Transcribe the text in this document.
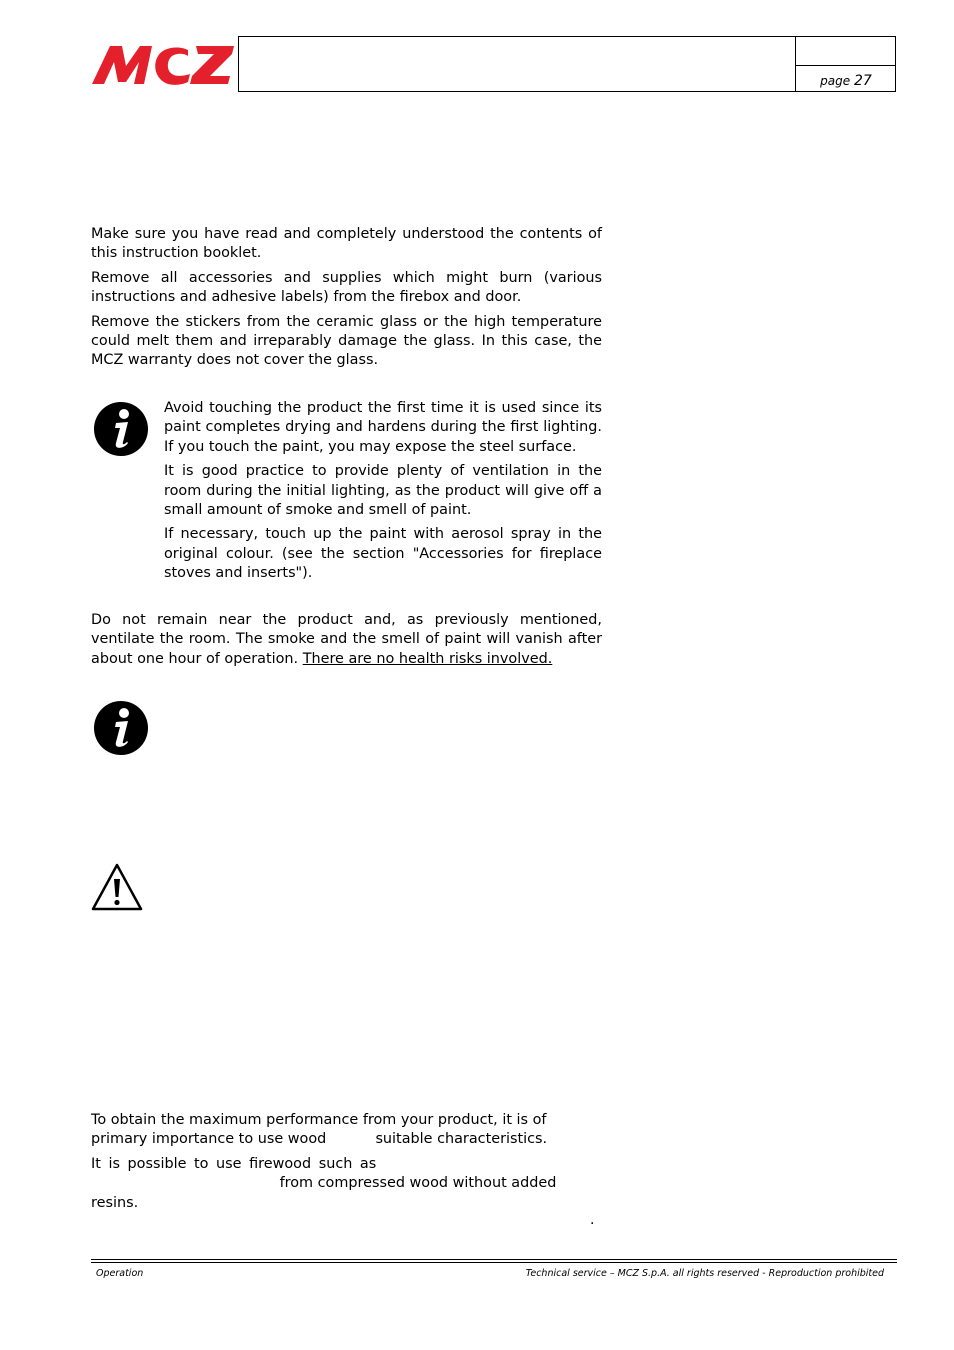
MCZ
page 27

Make sure you have read and completely understood the contents of this instruction booklet.

Remove all accessories and supplies which might burn (various instructions and adhesive labels) from the firebox and door.

Remove the stickers from the ceramic glass or the high temperature could melt them and irreparably damage the glass. In this case, the MCZ warranty does not cover the glass.

Avoid touching the product the first time it is used since its paint completes drying and hardens during the first lighting. If you touch the paint, you may expose the steel surface.

It is good practice to provide plenty of ventilation in the room during the initial lighting, as the product will give off a small amount of smoke and smell of paint.

If necessary, touch up the paint with aerosol spray in the original colour. (see the section "Accessories for fireplace stoves and inserts").

Do not remain near the product and, as previously mentioned, ventilate the room. The smoke and the smell of paint will vanish after about one hour of operation. There are no health risks involved.

To obtain the maximum performance from your product, it is of primary importance to use wood	suitable characteristics.

It is possible to use firewood such as
from compressed wood without added resins.

.
Operation	Technical service – MCZ S.p.A. all rights reserved - Reproduction prohibited
